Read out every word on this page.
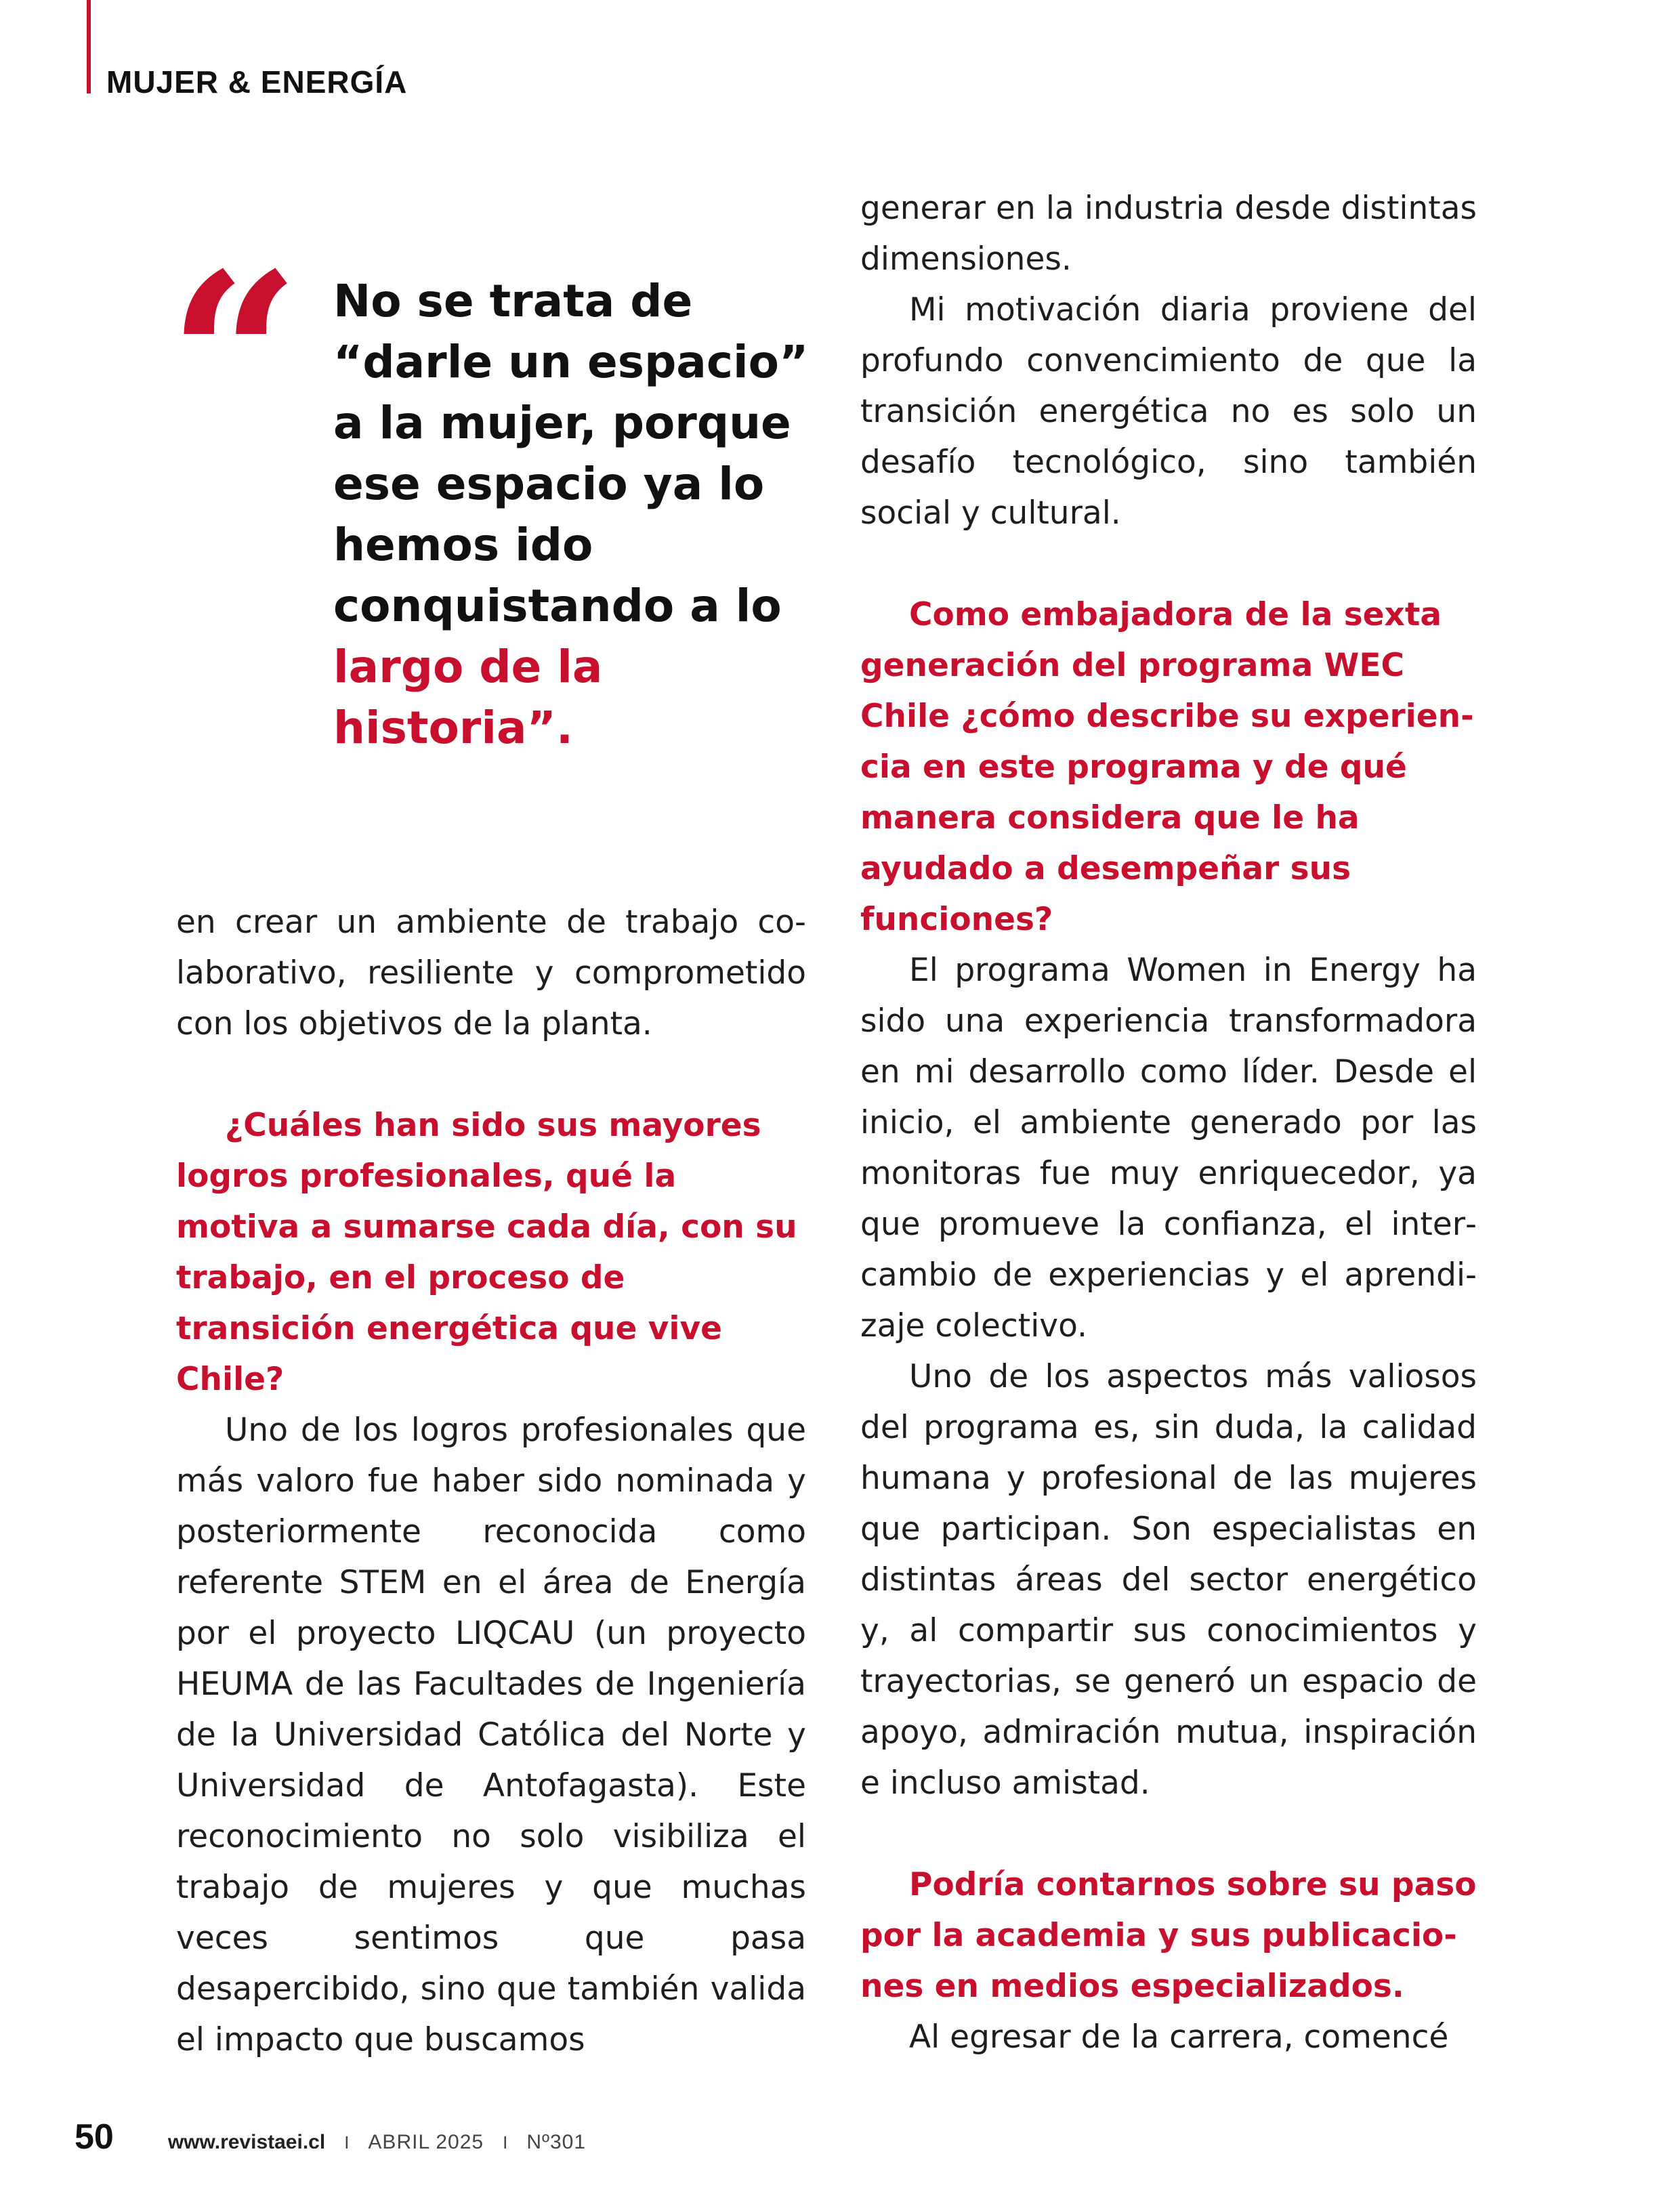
MUJER & ENERGÍA
“ No se trata de “darle un espacio” a la mujer, porque ese espacio ya lo hemos ido conquistando a lo largo de la historia”.

en crear un ambiente de trabajo colaborativo, resiliente y comprometido con los objetivos de la planta.

¿Cuáles han sido sus mayores logros profesionales, qué la motiva a sumarse cada día, con su trabajo, en el proceso de transición energética que vive Chile?

Uno de los logros profesionales que más valoro fue haber sido nominada y posteriormente reconocida como referente STEM en el área de Energía por el proyecto LIQCAU (un proyecto HEUMA de las Facultades de Ingeniería de la Universidad Católica del Norte y Universidad de Antofagasta). Este reconocimiento no solo visibiliza el trabajo de mujeres y que muchas veces sentimos que pasa desapercibido, sino que también valida el impacto que buscamos

generar en la industria desde distintas dimensiones.

Mi motivación diaria proviene del profundo convencimiento de que la transición energética no es solo un desafío tecnológico, sino también social y cultural.

Como embajadora de la sexta generación del programa WEC Chile ¿cómo describe su experiencia en este programa y de qué manera considera que le ha ayudado a desempeñar sus funciones?

El programa Women in Energy ha sido una experiencia transformadora en mi desarrollo como líder. Desde el inicio, el ambiente generado por las monitoras fue muy enriquecedor, ya que promueve la confianza, el intercambio de experiencias y el aprendizaje colectivo.

Uno de los aspectos más valiosos del programa es, sin duda, la calidad humana y profesional de las mujeres que participan. Son especialistas en distintas áreas del sector energético y, al compartir sus conocimientos y trayectorias, se generó un espacio de apoyo, admiración mutua, inspiración e incluso amistad.

Podría contarnos sobre su paso por la academia y sus publicaciones en medios especializados.

Al egresar de la carrera, comencé

50	www.revistaei.cl I ABRIL 2025 I Nº301
